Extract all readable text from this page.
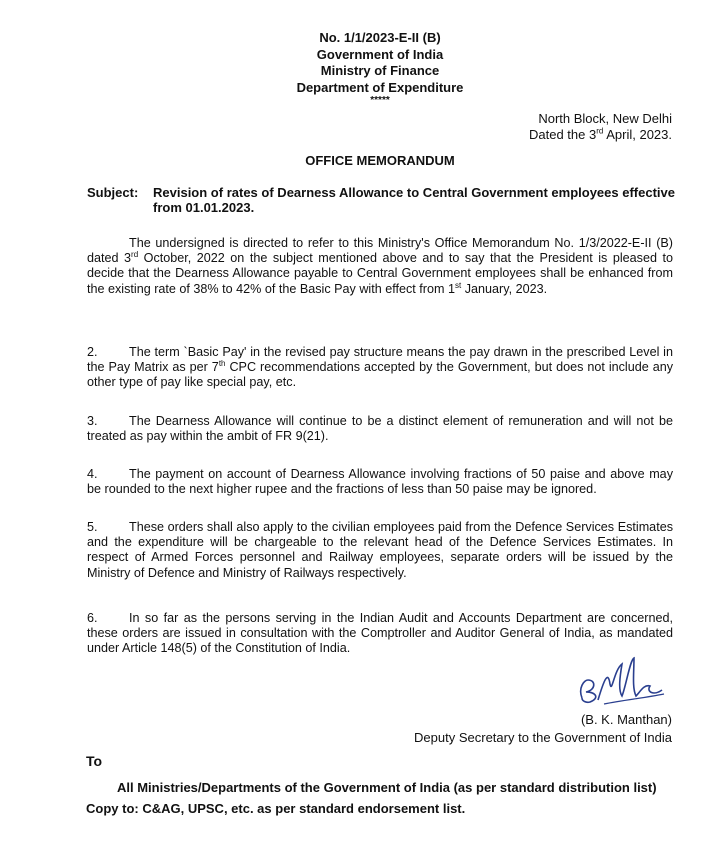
No. 1/1/2023-E-II (B)
Government of India
Ministry of Finance
Department of Expenditure
*****
North Block, New Delhi
Dated the 3rd April, 2023.
OFFICE MEMORANDUM
Subject:	Revision of rates of Dearness Allowance to Central Government employees effective from 01.01.2023.
The undersigned is directed to refer to this Ministry's Office Memorandum No. 1/3/2022-E-II (B) dated 3rd October, 2022 on the subject mentioned above and to say that the President is pleased to decide that the Dearness Allowance payable to Central Government employees shall be enhanced from the existing rate of 38% to 42% of the Basic Pay with effect from 1st January, 2023.
2. The term `Basic Pay' in the revised pay structure means the pay drawn in the prescribed Level in the Pay Matrix as per 7th CPC recommendations accepted by the Government, but does not include any other type of pay like special pay, etc.
3. The Dearness Allowance will continue to be a distinct element of remuneration and will not be treated as pay within the ambit of FR 9(21).
4. The payment on account of Dearness Allowance involving fractions of 50 paise and above may be rounded to the next higher rupee and the fractions of less than 50 paise may be ignored.
5. These orders shall also apply to the civilian employees paid from the Defence Services Estimates and the expenditure will be chargeable to the relevant head of the Defence Services Estimates. In respect of Armed Forces personnel and Railway employees, separate orders will be issued by the Ministry of Defence and Ministry of Railways respectively.
6. In so far as the persons serving in the Indian Audit and Accounts Department are concerned, these orders are issued in consultation with the Comptroller and Auditor General of India, as mandated under Article 148(5) of the Constitution of India.
(B. K. Manthan)
Deputy Secretary to the Government of India
To
All Ministries/Departments of the Government of India (as per standard distribution list)
Copy to: C&AG, UPSC, etc. as per standard endorsement list.
